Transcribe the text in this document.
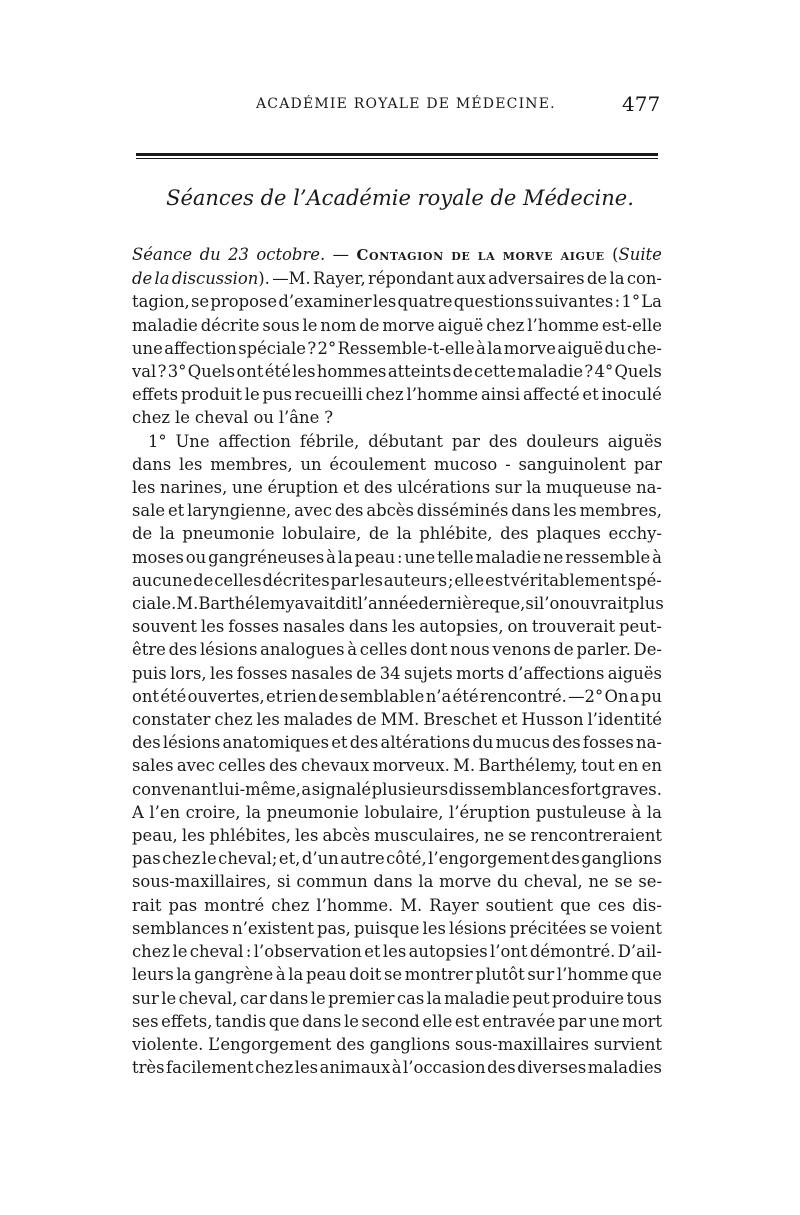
ACADÉMIE ROYALE DE MÉDECINE.	477
Séances de l’Académie royale de Médecine.
Séance du 23 octobre. — Contagion de la morve aigue (Suite
de la discussion). —M. Rayer, répondant aux adversaires de la con-
tagion, se propose d’examiner les quatre questions suivantes : 1° La
maladie décrite sous le nom de morve aiguë chez l’homme est-elle
une affection spéciale ? 2° Ressemble-t-elle à la morve aiguë du che-
val ? 3° Quels ont été les hommes atteints de cette maladie ? 4° Quels
effets produit le pus recueilli chez l’homme ainsi affecté et inoculé
chez le cheval ou l’âne ?
1° Une affection fébrile, débutant par des douleurs aiguës
dans les membres, un écoulement mucoso - sanguinolent par
les narines, une éruption et des ulcérations sur la muqueuse na-
sale et laryngienne, avec des abcès disséminés dans les membres,
de la pneumonie lobulaire, de la phlébite, des plaques ecchy-
moses ou gangréneuses à la peau : une telle maladie ne ressemble à
aucune de celles décrites par les auteurs ; elle est véritablement spé-
ciale. M. Barthélemy avait dit l’année dernière que, si l’on ouvrait plus
souvent les fosses nasales dans les autopsies, on trouverait peut-
être des lésions analogues à celles dont nous venons de parler. De-
puis lors, les fosses nasales de 34 sujets morts d’affections aiguës
ont été ouvertes, et rien de semblable n’a été rencontré. —2° On a pu
constater chez les malades de MM. Breschet et Husson l’identité
des lésions anatomiques et des altérations du mucus des fosses na-
sales avec celles des chevaux morveux. M. Barthélemy, tout en en
convenant lui-même, a signalé plusieurs dissemblances fort graves.
A l’en croire, la pneumonie lobulaire, l’éruption pustuleuse à la
peau, les phlébites, les abcès musculaires, ne se rencontreraient
pas chez le cheval; et, d’un autre côté, l’engorgement des ganglions
sous-maxillaires, si commun dans la morve du cheval, ne se se-
rait pas montré chez l’homme. M. Rayer soutient que ces dis-
semblances n’existent pas, puisque les lésions précitées se voient
chez le cheval : l’observation et les autopsies l’ont démontré. D’ail-
leurs la gangrène à la peau doit se montrer plutôt sur l’homme que
sur le cheval, car dans le premier cas la maladie peut produire tous
ses effets, tandis que dans le second elle est entravée par une mort
violente. L’engorgement des ganglions sous-maxillaires survient
très facilement chez les animaux à l’occasion des diverses maladies
